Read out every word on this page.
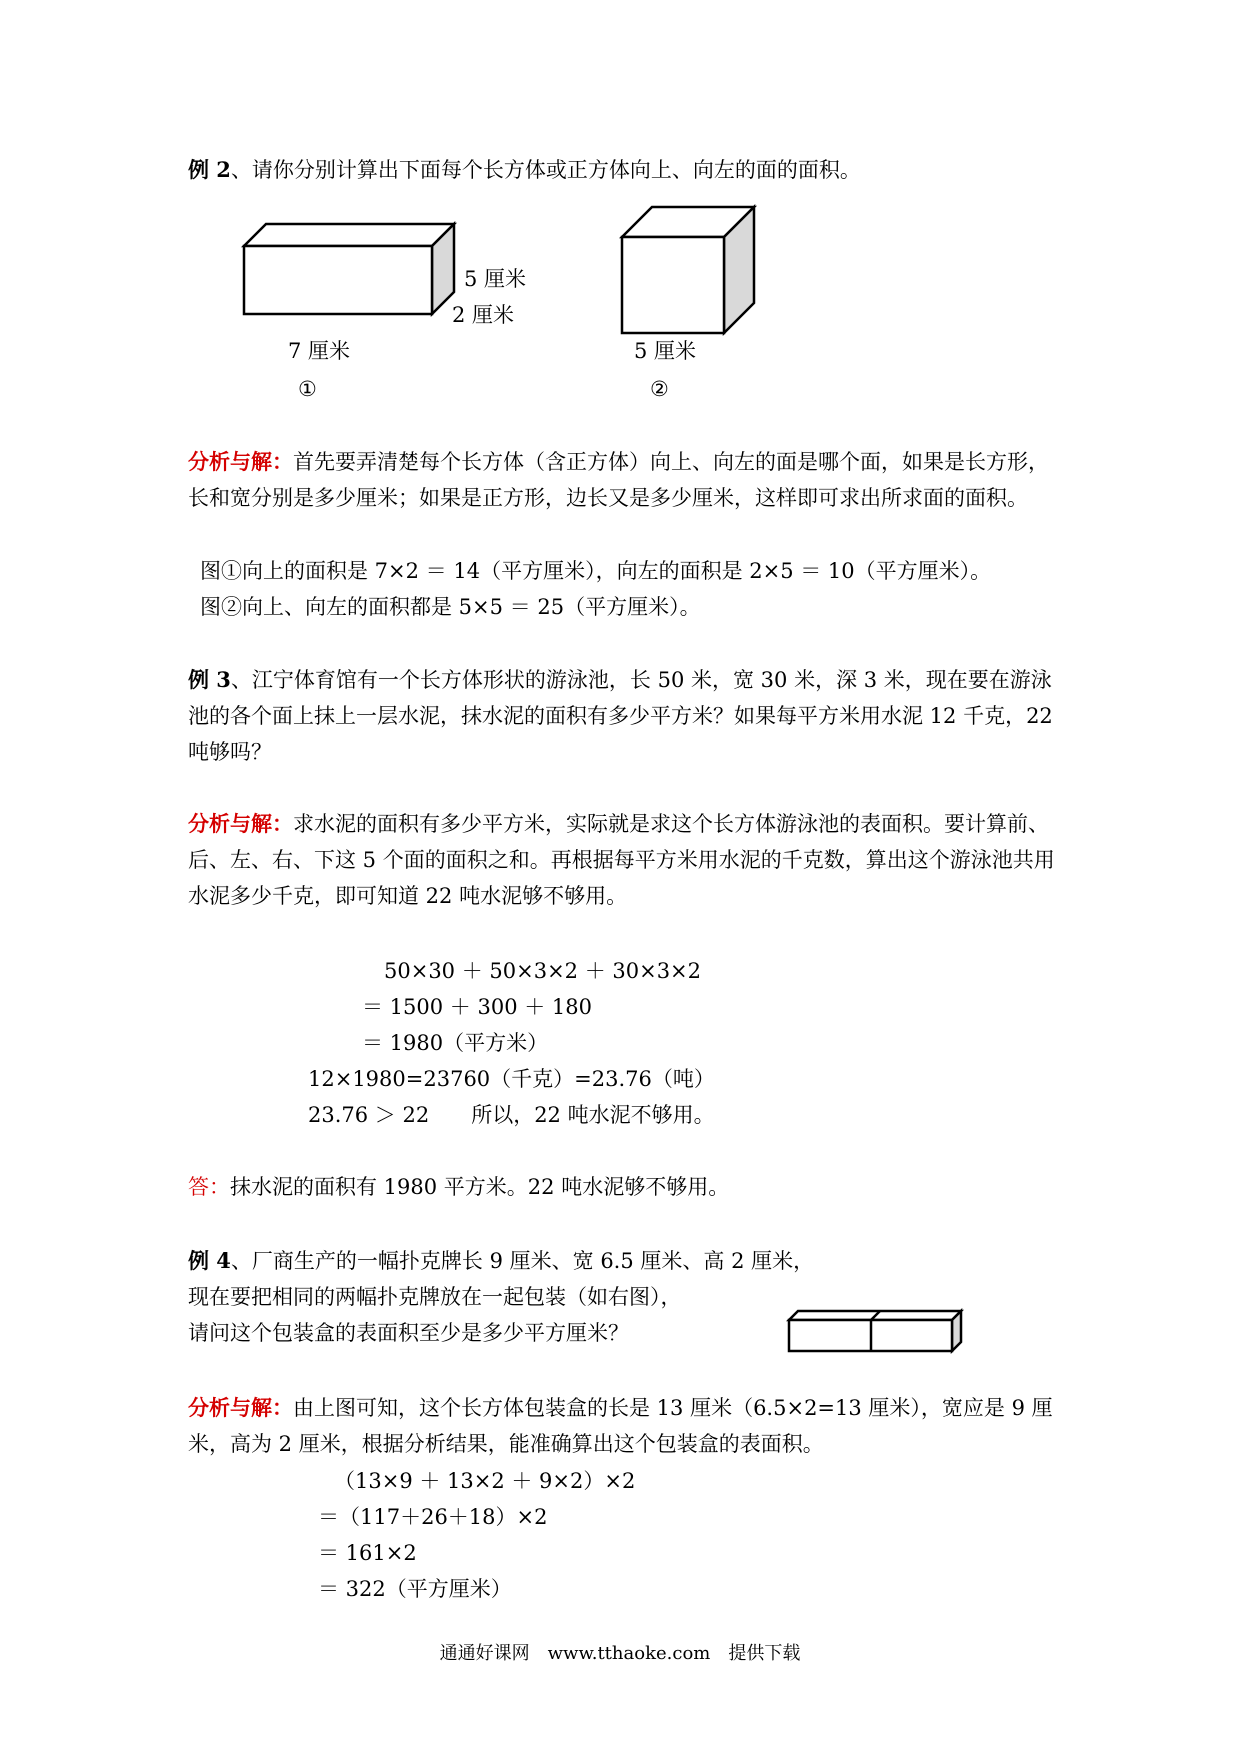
例 2、请你分别计算出下面每个长方体或正方体向上、向左的面的面积。
5 厘米
2 厘米
7 厘米
①
5 厘米
②
分析与解：首先要弄清楚每个长方体（含正方体）向上、向左的面是哪个面，如果是长方形，长和宽分别是多少厘米；如果是正方形，边长又是多少厘米，这样即可求出所求面的面积。
图①向上的面积是 7×2 ＝ 14（平方厘米），向左的面积是 2×5 ＝ 10（平方厘米）。
图②向上、向左的面积都是 5×5 ＝ 25（平方厘米）。
例 3、江宁体育馆有一个长方体形状的游泳池，长 50 米，宽 30 米，深 3 米，现在要在游泳池的各个面上抹上一层水泥，抹水泥的面积有多少平方米？如果每平方米用水泥 12 千克，22 吨够吗？
分析与解：求水泥的面积有多少平方米，实际就是求这个长方体游泳池的表面积。要计算前、后、左、右、下这 5 个面的面积之和。再根据每平方米用水泥的千克数，算出这个游泳池共用水泥多少千克，即可知道 22 吨水泥够不够用。
50×30 ＋ 50×3×2 ＋ 30×3×2
＝ 1500 ＋ 300 ＋ 180
＝ 1980（平方米）
12×1980=23760（千克）=23.76（吨）
23.76 ＞ 22　　所以，22 吨水泥不够用。
答：抹水泥的面积有 1980 平方米。22 吨水泥够不够用。
例 4、厂商生产的一幅扑克牌长 9 厘米、宽 6.5 厘米、高 2 厘米，
现在要把相同的两幅扑克牌放在一起包装（如右图），
请问这个包装盒的表面积至少是多少平方厘米？
分析与解：由上图可知，这个长方体包装盒的长是 13 厘米（6.5×2=13 厘米），宽应是 9 厘米，高为 2 厘米，根据分析结果，能准确算出这个包装盒的表面积。
（13×9 ＋ 13×2 ＋ 9×2）×2
＝（117＋26＋18）×2
＝ 161×2
＝ 322（平方厘米）
通通好课网　www.tthaoke.com　提供下载
